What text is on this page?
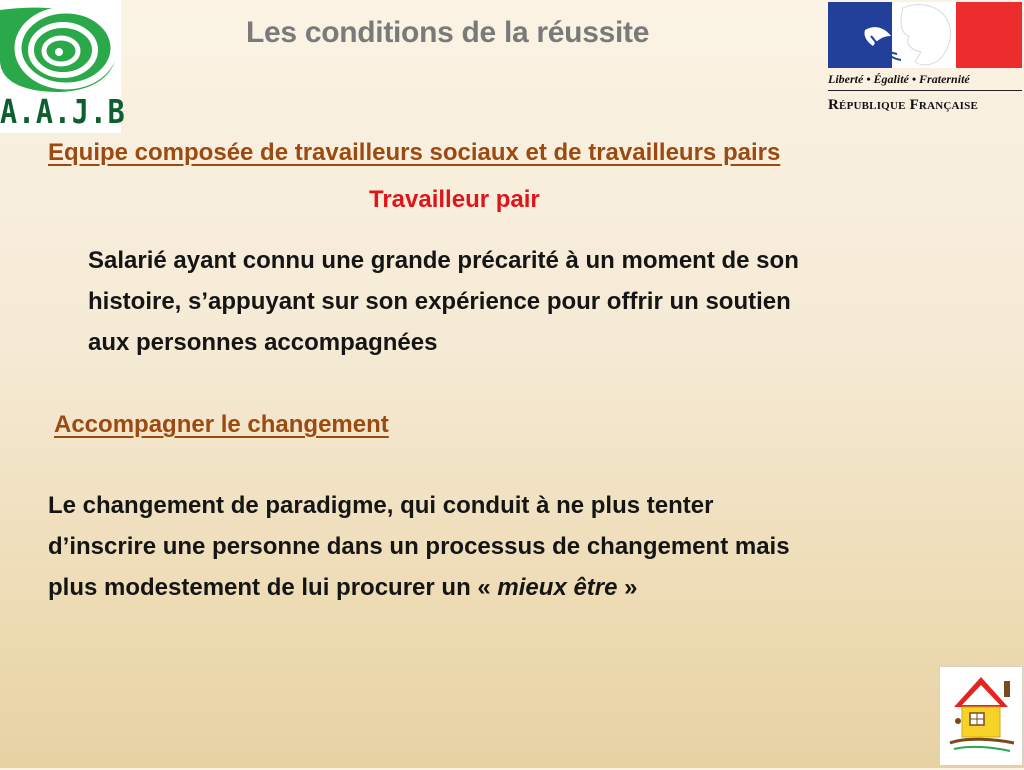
A.A.J.B
Les conditions de la réussite
Liberté • Égalité • Fraternité
République Française
Equipe composée de travailleurs sociaux et de travailleurs pairs
Travailleur pair
Salarié ayant connu une grande précarité à un moment de son
histoire, s’appuyant sur son expérience pour offrir un soutien
aux personnes accompagnées
Accompagner le changement
Le changement de paradigme, qui conduit à ne plus tenter
d’inscrire une personne dans un processus de changement mais
plus modestement de lui procurer un « mieux être »
